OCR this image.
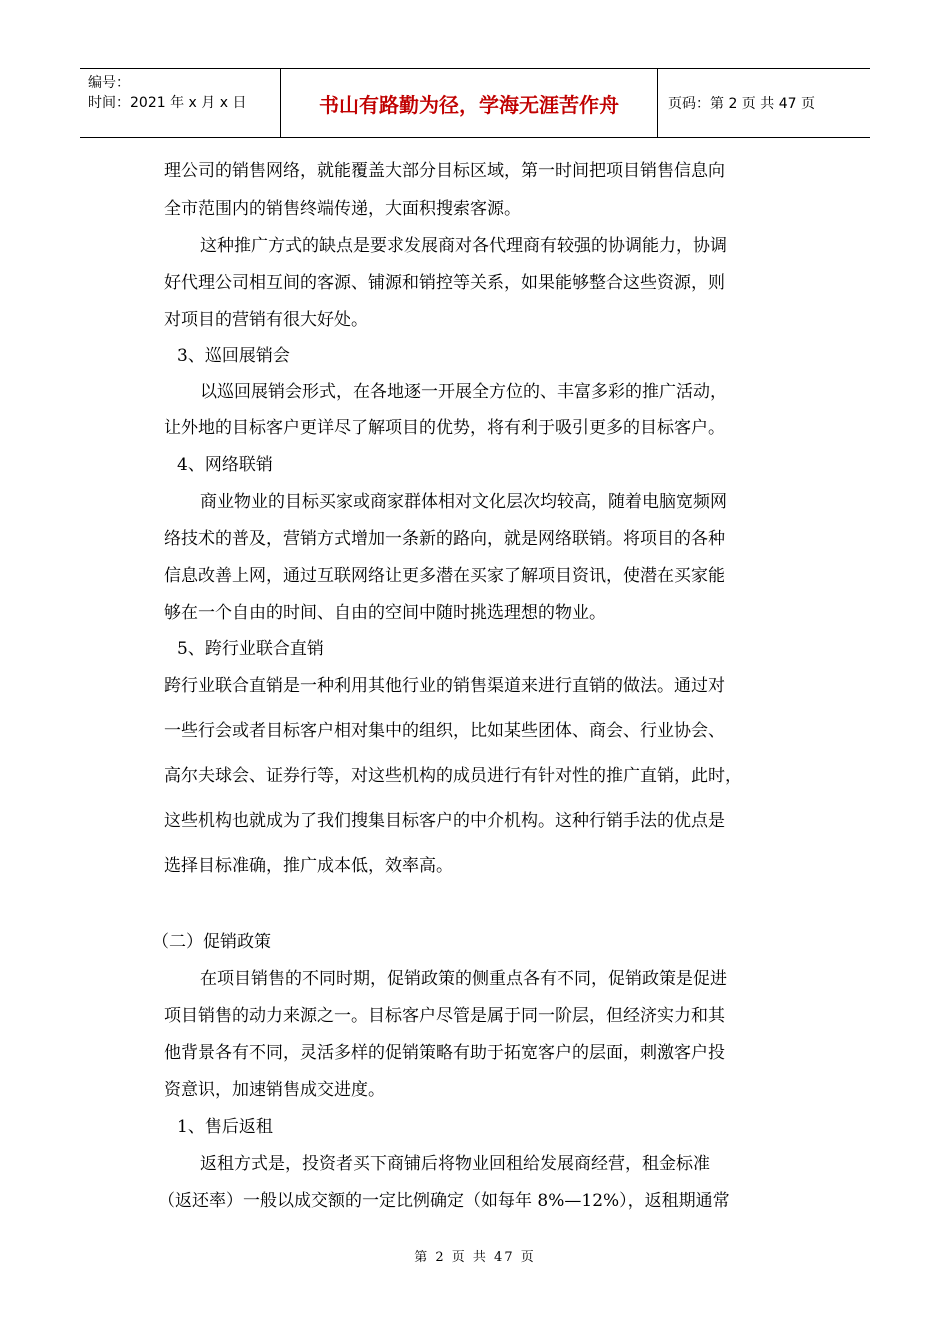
编号：
时间：2021 年 x 月 x 日	书山有路勤为径，学海无涯苦作舟	页码：第 2 页 共 47 页
理公司的销售网络，就能覆盖大部分目标区域，第一时间把项目销售信息向
全市范围内的销售终端传递，大面积搜索客源。
这种推广方式的缺点是要求发展商对各代理商有较强的协调能力，协调
好代理公司相互间的客源、铺源和销控等关系，如果能够整合这些资源，则
对项目的营销有很大好处。
3、巡回展销会
以巡回展销会形式，在各地逐一开展全方位的、丰富多彩的推广活动，
让外地的目标客户更详尽了解项目的优势，将有利于吸引更多的目标客户。
4、网络联销
商业物业的目标买家或商家群体相对文化层次均较高，随着电脑宽频网
络技术的普及，营销方式增加一条新的路向，就是网络联销。将项目的各种
信息改善上网，通过互联网络让更多潜在买家了解项目资讯，使潜在买家能
够在一个自由的时间、自由的空间中随时挑选理想的物业。
5、跨行业联合直销
跨行业联合直销是一种利用其他行业的销售渠道来进行直销的做法。通过对
一些行会或者目标客户相对集中的组织，比如某些团体、商会、行业协会、
高尔夫球会、证券行等，对这些机构的成员进行有针对性的推广直销，此时，
这些机构也就成为了我们搜集目标客户的中介机构。这种行销手法的优点是
选择目标准确，推广成本低，效率高。
（二）促销政策
在项目销售的不同时期，促销政策的侧重点各有不同，促销政策是促进
项目销售的动力来源之一。目标客户尽管是属于同一阶层，但经济实力和其
他背景各有不同，灵活多样的促销策略有助于拓宽客户的层面，刺激客户投
资意识，加速销售成交进度。
1、售后返租
返租方式是，投资者买下商铺后将物业回租给发展商经营，租金标准
（返还率）一般以成交额的一定比例确定（如每年 8%—12%），返租期通常
第 2 页 共 47 页
